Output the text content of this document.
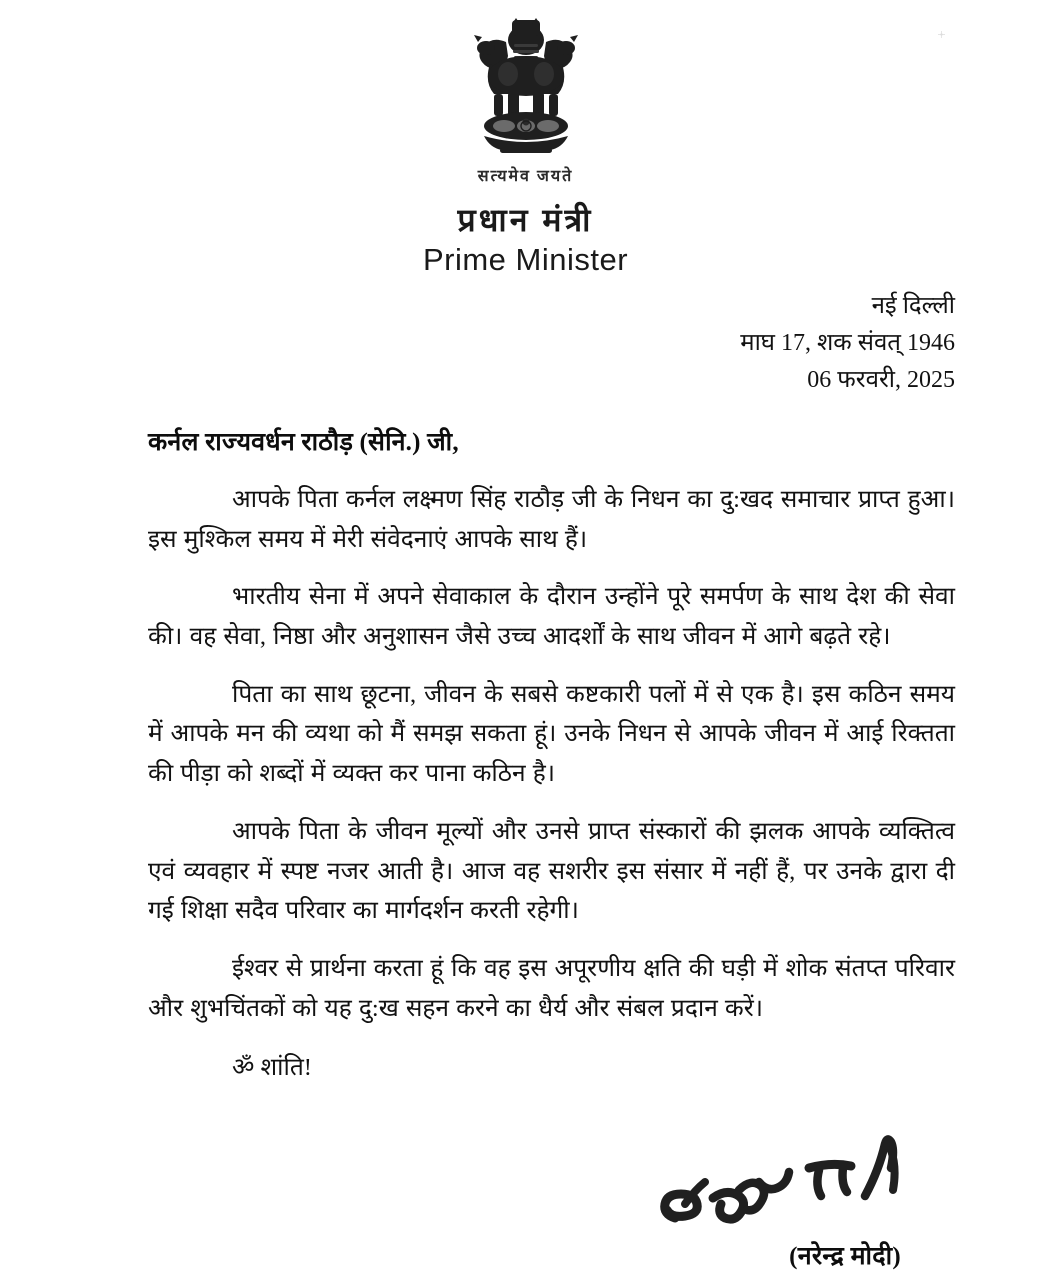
सत्यमेव जयते
प्रधान मंत्री
Prime Minister
नई दिल्ली
माघ 17, शक संवत् 1946
06 फरवरी, 2025
कर्नल राज्यवर्धन राठौड़ (सेनि.) जी,

आपके पिता कर्नल लक्ष्मण सिंह राठौड़ जी के निधन का दु:खद समाचार प्राप्त हुआ। इस मुश्किल समय में मेरी संवेदनाएं आपके साथ हैं।

भारतीय सेना में अपने सेवाकाल के दौरान उन्होंने पूरे समर्पण के साथ देश की सेवा की। वह सेवा, निष्ठा और अनुशासन जैसे उच्च आदर्शों के साथ जीवन में आगे बढ़ते रहे।

पिता का साथ छूटना, जीवन के सबसे कष्टकारी पलों में से एक है। इस कठिन समय में आपके मन की व्यथा को मैं समझ सकता हूं। उनके निधन से आपके जीवन में आई रिक्तता की पीड़ा को शब्दों में व्यक्त कर पाना कठिन है।

आपके पिता के जीवन मूल्यों और उनसे प्राप्त संस्कारों की झलक आपके व्यक्तित्व एवं व्यवहार में स्पष्ट नजर आती है। आज वह सशरीर इस संसार में नहीं हैं, पर उनके द्वारा दी गई शिक्षा सदैव परिवार का मार्गदर्शन करती रहेगी।

ईश्वर से प्रार्थना करता हूं कि वह इस अपूरणीय क्षति की घड़ी में शोक संतप्त परिवार और शुभचिंतकों को यह दु:ख सहन करने का धैर्य और संबल प्रदान करें।

ॐ शांति!
(नरेन्द्र मोदी)
